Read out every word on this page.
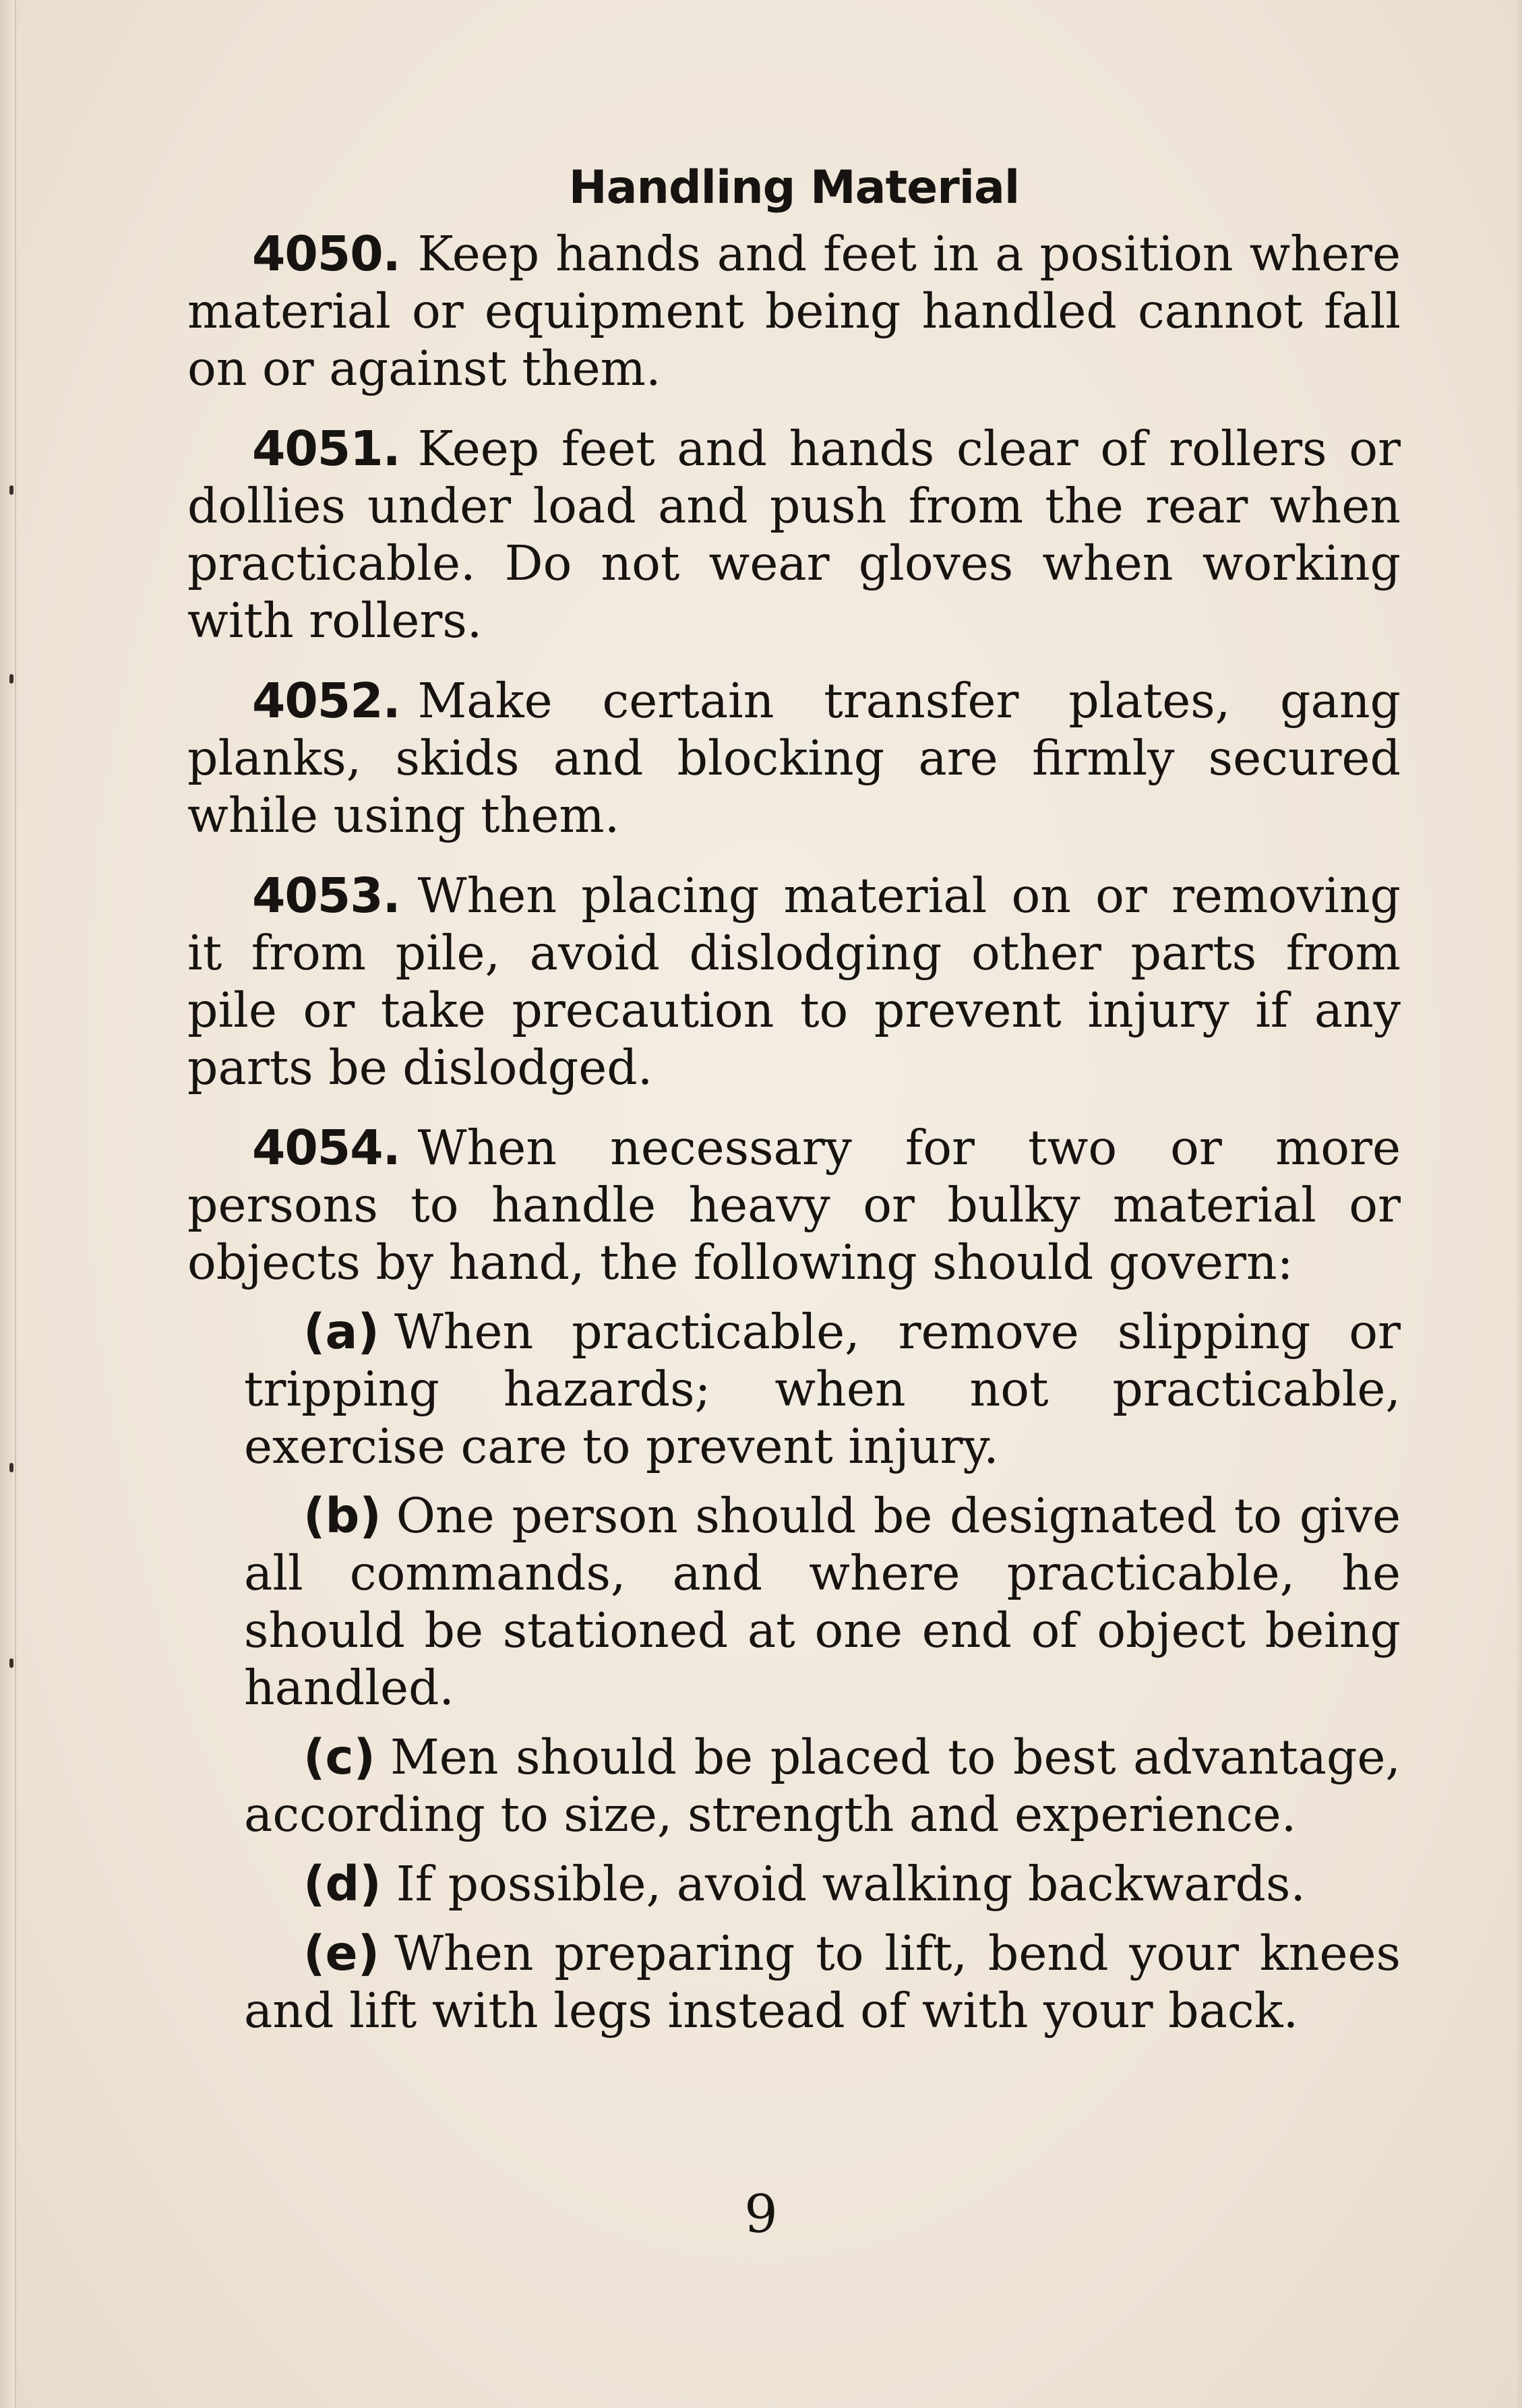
Handling Material

4050. Keep hands and feet in a position where material or equipment being handled cannot fall on or against them.

4051. Keep feet and hands clear of rollers or dollies under load and push from the rear when practicable. Do not wear gloves when working with rollers.

4052. Make certain transfer plates, gang planks, skids and blocking are firmly secured while using them.

4053. When placing material on or removing it from pile, avoid dislodging other parts from pile or take precaution to prevent injury if any parts be dislodged.

4054. When necessary for two or more persons to handle heavy or bulky material or objects by hand, the following should govern:

(a) When practicable, remove slipping or tripping hazards; when not practicable, exercise care to prevent injury.

(b) One person should be designated to give all commands, and where practicable, he should be stationed at one end of object being handled.

(c) Men should be placed to best advantage, according to size, strength and experience.

(d) If possible, avoid walking backwards.

(e) When preparing to lift, bend your knees and lift with legs instead of with your back.

9
